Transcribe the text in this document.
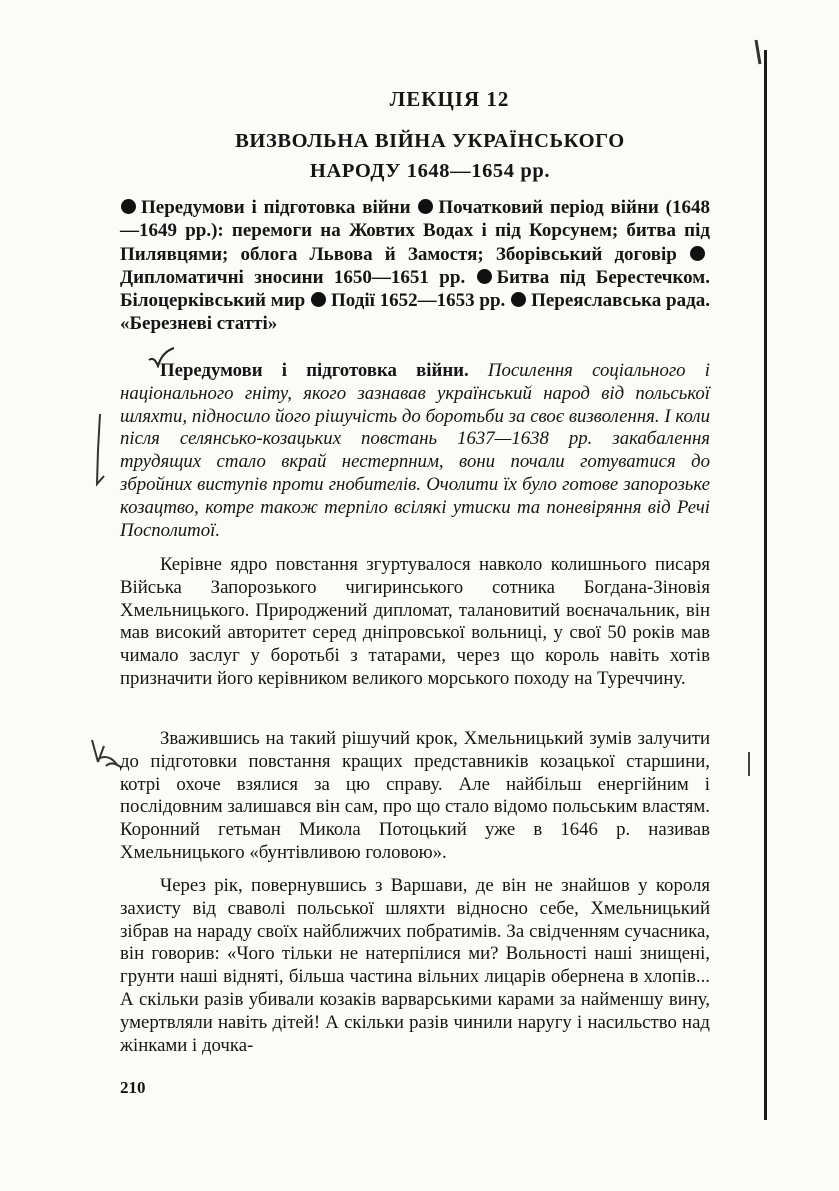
ЛЕКЦІЯ 12
ВИЗВОЛЬНА ВІЙНА УКРАЇНСЬКОГО
НАРОДУ 1648—1654 рр.

Передумови і підготовка війни Початковий період війни (1648—1649 рр.): перемоги на Жовтих Водах і під Корсунем; битва під Пилявцями; облога Львова й Замостя; Зборівський договір Дипломатичні зносини 1650—1651 рр. Битва під Берестечком. Білоцерківський мир Події 1652—1653 рр. Переяславська рада. «Березневі статті»

Передумови і підготовка війни. Посилення соціального і національного гніту, якого зазнавав український народ від польської шляхти, підносило його рішучість до боротьби за своє визволення. І коли після селянсько-козацьких повстань 1637—1638 рр. закабалення трудящих стало вкрай нестерпним, вони почали готуватися до збройних виступів проти гнобителів. Очолити їх було готове запорозьке козацтво, котре також терпіло всілякі утиски та поневіряння від Речі Посполитої.

Керівне ядро повстання згуртувалося навколо колишнього писаря Війська Запорозького чигиринського сотника Богдана-Зіновія Хмельницького. Природжений дипломат, талановитий воєначальник, він мав високий авторитет серед дніпровської вольниці, у свої 50 років мав чимало заслуг у боротьбі з татарами, через що король навіть хотів призначити його керівником великого морського походу на Туреччину.

Зважившись на такий рішучий крок, Хмельницький зумів залучити до підготовки повстання кращих представників козацької старшини, котрі охоче взялися за цю справу. Але найбільш енергійним і послідовним залишався він сам, про що стало відомо польським властям. Коронний гетьман Микола Потоцький уже в 1646 р. називав Хмельницького «бунтівливою головою».

Через рік, повернувшись з Варшави, де він не знайшов у короля захисту від сваволі польської шляхти відносно себе, Хмельницький зібрав на нараду своїх найближчих побратимів. За свідченням сучасника, він говорив: «Чого тільки не натерпілися ми? Вольності наші знищені, грунти наші відняті, більша частина вільних лицарів обернена в хлопів... А скільки разів убивали козаків варварськими карами за найменшу вину, умертвляли навіть дітей! А скільки разів чинили наругу і насильство над жінками і дочка-

210
